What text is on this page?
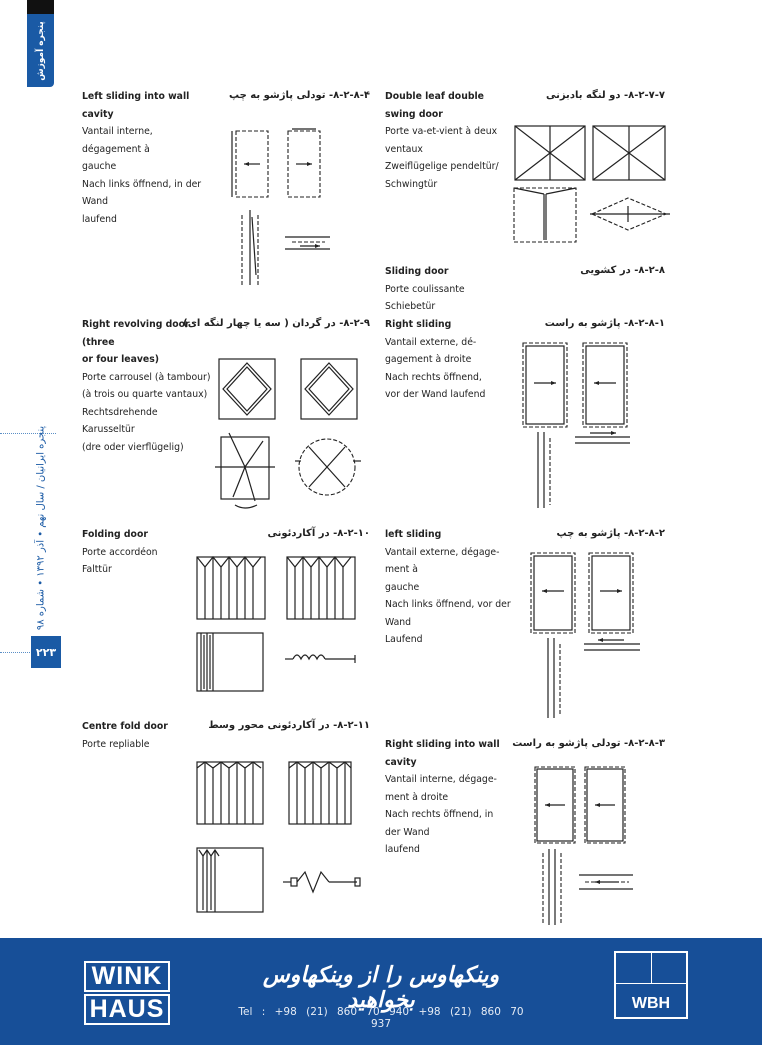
پنجره آموزش
پنجره ایرانیان / سال نهم • آذر ۱۳۹۲ • شماره ۹۸
۲۲۳
Left sliding into wall cavity
Vantail interne, dégagement à
gauche
Nach links öffnend, in der
Wand
laufend
۸-۲-۸-۴- تودلی پاژشو به چپ Double leaf double swing door
Porte va-et-vient à deux
ventaux
Zweiflügelige pendeltür/
Schwingtür
۸-۲-۷-۷- دو لنگه بادبزنی
Sliding door
Porte coulissante
Schiebetür
۸-۲-۸- در کشویی
Right sliding
Vantail externe, dé-
gagement à droite
Nach rechts öffnend,
vor der Wand laufend
۸-۲-۸-۱- پاژشو به راست
Right revolving door (three
or four leaves)
Porte carrousel (à tambour)
(à trois ou quarte vantaux)
Rechtsdrehende Karusseltür
(dre oder vierflügelig)
۸-۲-۹- در گردان ( سه یا چهار لنگه ای)
Folding door
Porte accordéon
Falttür
۸-۲-۱۰- در آکاردئونی left sliding
Vantail externe, dégage-
ment à
gauche
Nach links öffnend, vor der
Wand
Laufend
۸-۲-۸-۲- پاژشو به چپ
Centre fold door
Porte repliable
۸-۲-۱۱- در آکاردئونی محور وسط
Right sliding into wall cavity
Vantail interne, dégage-
ment à droite
Nach rechts öffnend, in
der Wand
laufend
۸-۲-۸-۳- تودلی پاژشو به راست
WINK
HAUS
وینکهاوس را از وینکهاوس بخواهید
Tel : +98 (21) 860 70 940 +98 (21) 860 70 937
WBH
